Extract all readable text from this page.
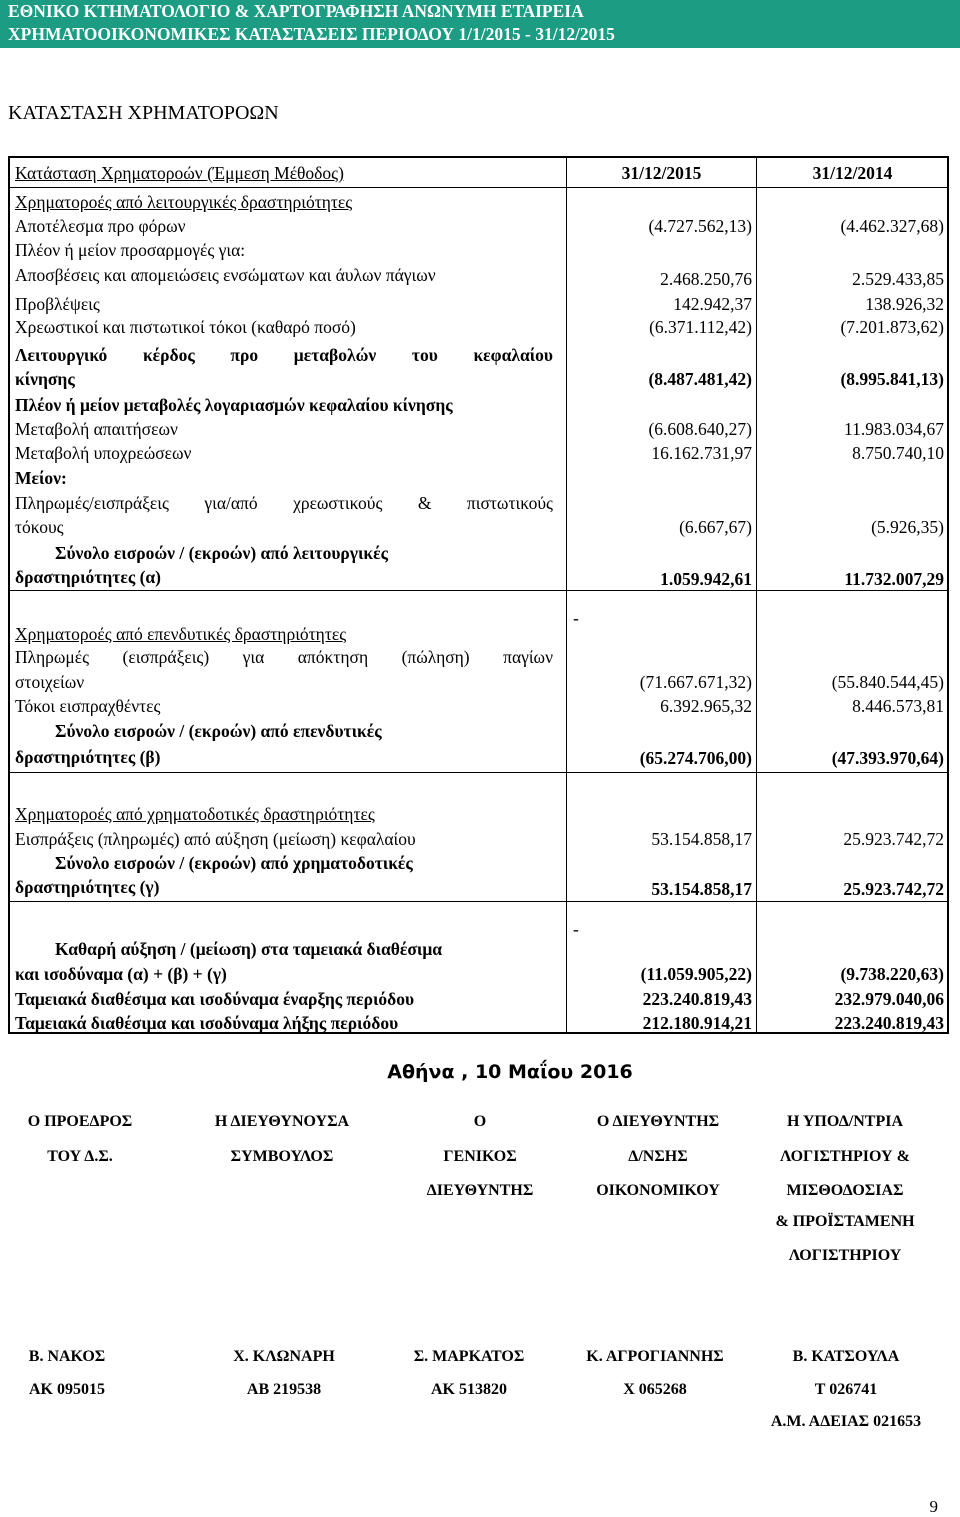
ΕΘΝΙΚΟ ΚΤΗΜΑΤΟΛΟΓΙΟ & ΧΑΡΤΟΓΡΑΦΗΣΗ ΑΝΩΝΥΜΗ ΕΤΑΙΡΕΙΑ
ΧΡΗΜΑΤΟΟΙΚΟΝΟΜΙΚΕΣ ΚΑΤΑΣΤΑΣΕΙΣ ΠΕΡΙΟΔΟΥ 1/1/2015 - 31/12/2015
ΚΑΤΑΣΤΑΣΗ ΧΡΗΜΑΤΟΡΟΩΝ
Κατάσταση Χρηματοροών (Έμμεση Μέθοδος)	31/12/2015	31/12/2014
Χρηματοροές από λειτουργικές δραστηριότητες
Αποτέλεσμα προ φόρων	(4.727.562,13)	(4.462.327,68)
Πλέον ή μείον προσαρμογές για:
Αποσβέσεις και απομειώσεις ενσώματων και άυλων πάγιων	2.468.250,76	2.529.433,85
Προβλέψεις	142.942,37	138.926,32
Χρεωστικοί και πιστωτικοί τόκοι (καθαρό ποσό)	(6.371.112,42)	(7.201.873,62)
Λειτουργικό κέρδος προ μεταβολών του κεφαλαίου
κίνησης	(8.487.481,42)	(8.995.841,13)
Πλέον ή μείον μεταβολές λογαριασμών κεφαλαίου κίνησης
Μεταβολή απαιτήσεων	(6.608.640,27)	11.983.034,67
Μεταβολή υποχρεώσεων	16.162.731,97	8.750.740,10
Μείον:
Πληρωμές/εισπράξεις για/από χρεωστικούς & πιστωτικούς
τόκους	(6.667,67)	(5.926,35)
Σύνολο εισροών / (εκροών) από λειτουργικές
δραστηριότητες (α)	1.059.942,61	11.732.007,29
-
Χρηματοροές από επενδυτικές δραστηριότητες
Πληρωμές (εισπράξεις) για απόκτηση (πώληση) παγίων
στοιχείων	(71.667.671,32)	(55.840.544,45)
Τόκοι εισπραχθέντες	6.392.965,32	8.446.573,81
Σύνολο εισροών / (εκροών) από επενδυτικές
δραστηριότητες (β)	(65.274.706,00)	(47.393.970,64)
Χρηματοροές από χρηματοδοτικές δραστηριότητες
Εισπράξεις (πληρωμές) από αύξηση (μείωση) κεφαλαίου	53.154.858,17	25.923.742,72
Σύνολο εισροών / (εκροών) από χρηματοδοτικές
δραστηριότητες (γ)	53.154.858,17	25.923.742,72
-
Καθαρή αύξηση / (μείωση) στα ταμειακά διαθέσιμα
και ισοδύναμα (α) + (β) + (γ)	(11.059.905,22)	(9.738.220,63)
Ταμειακά διαθέσιμα και ισοδύναμα έναρξης περιόδου	223.240.819,43	232.979.040,06
Ταμειακά διαθέσιμα και ισοδύναμα λήξης περιόδου	212.180.914,21	223.240.819,43
Αθήνα , 10 Μαΐου 2016
Ο ΠΡΟΕΔΡΟΣ
ΤΟΥ Δ.Σ.
Η ΔΙΕΥΘΥΝΟΥΣΑ
ΣΥΜΒΟΥΛΟΣ
Ο
ΓΕΝΙΚΟΣ
ΔΙΕΥΘΥΝΤΗΣ
Ο ΔΙΕΥΘΥΝΤΗΣ
Δ/ΝΣΗΣ
ΟΙΚΟΝΟΜΙΚΟΥ
Η ΥΠΟΔ/ΝΤΡΙΑ
ΛΟΓΙΣΤΗΡΙΟΥ &
ΜΙΣΘΟΔΟΣΙΑΣ
& ΠΡΟΪΣΤΑΜΕΝΗ
ΛΟΓΙΣΤΗΡΙΟΥ
Β. ΝΑΚΟΣ	Χ. ΚΛΩΝΑΡΗ	Σ. ΜΑΡΚΑΤΟΣ	Κ. ΑΓΡΟΓΙΑΝΝΗΣ	Β. ΚΑΤΣΟΥΛΑ
ΑΚ 095015	ΑΒ 219538	ΑΚ 513820	Χ 065268	Τ 026741
Α.Μ. ΑΔΕΙΑΣ 021653
9
